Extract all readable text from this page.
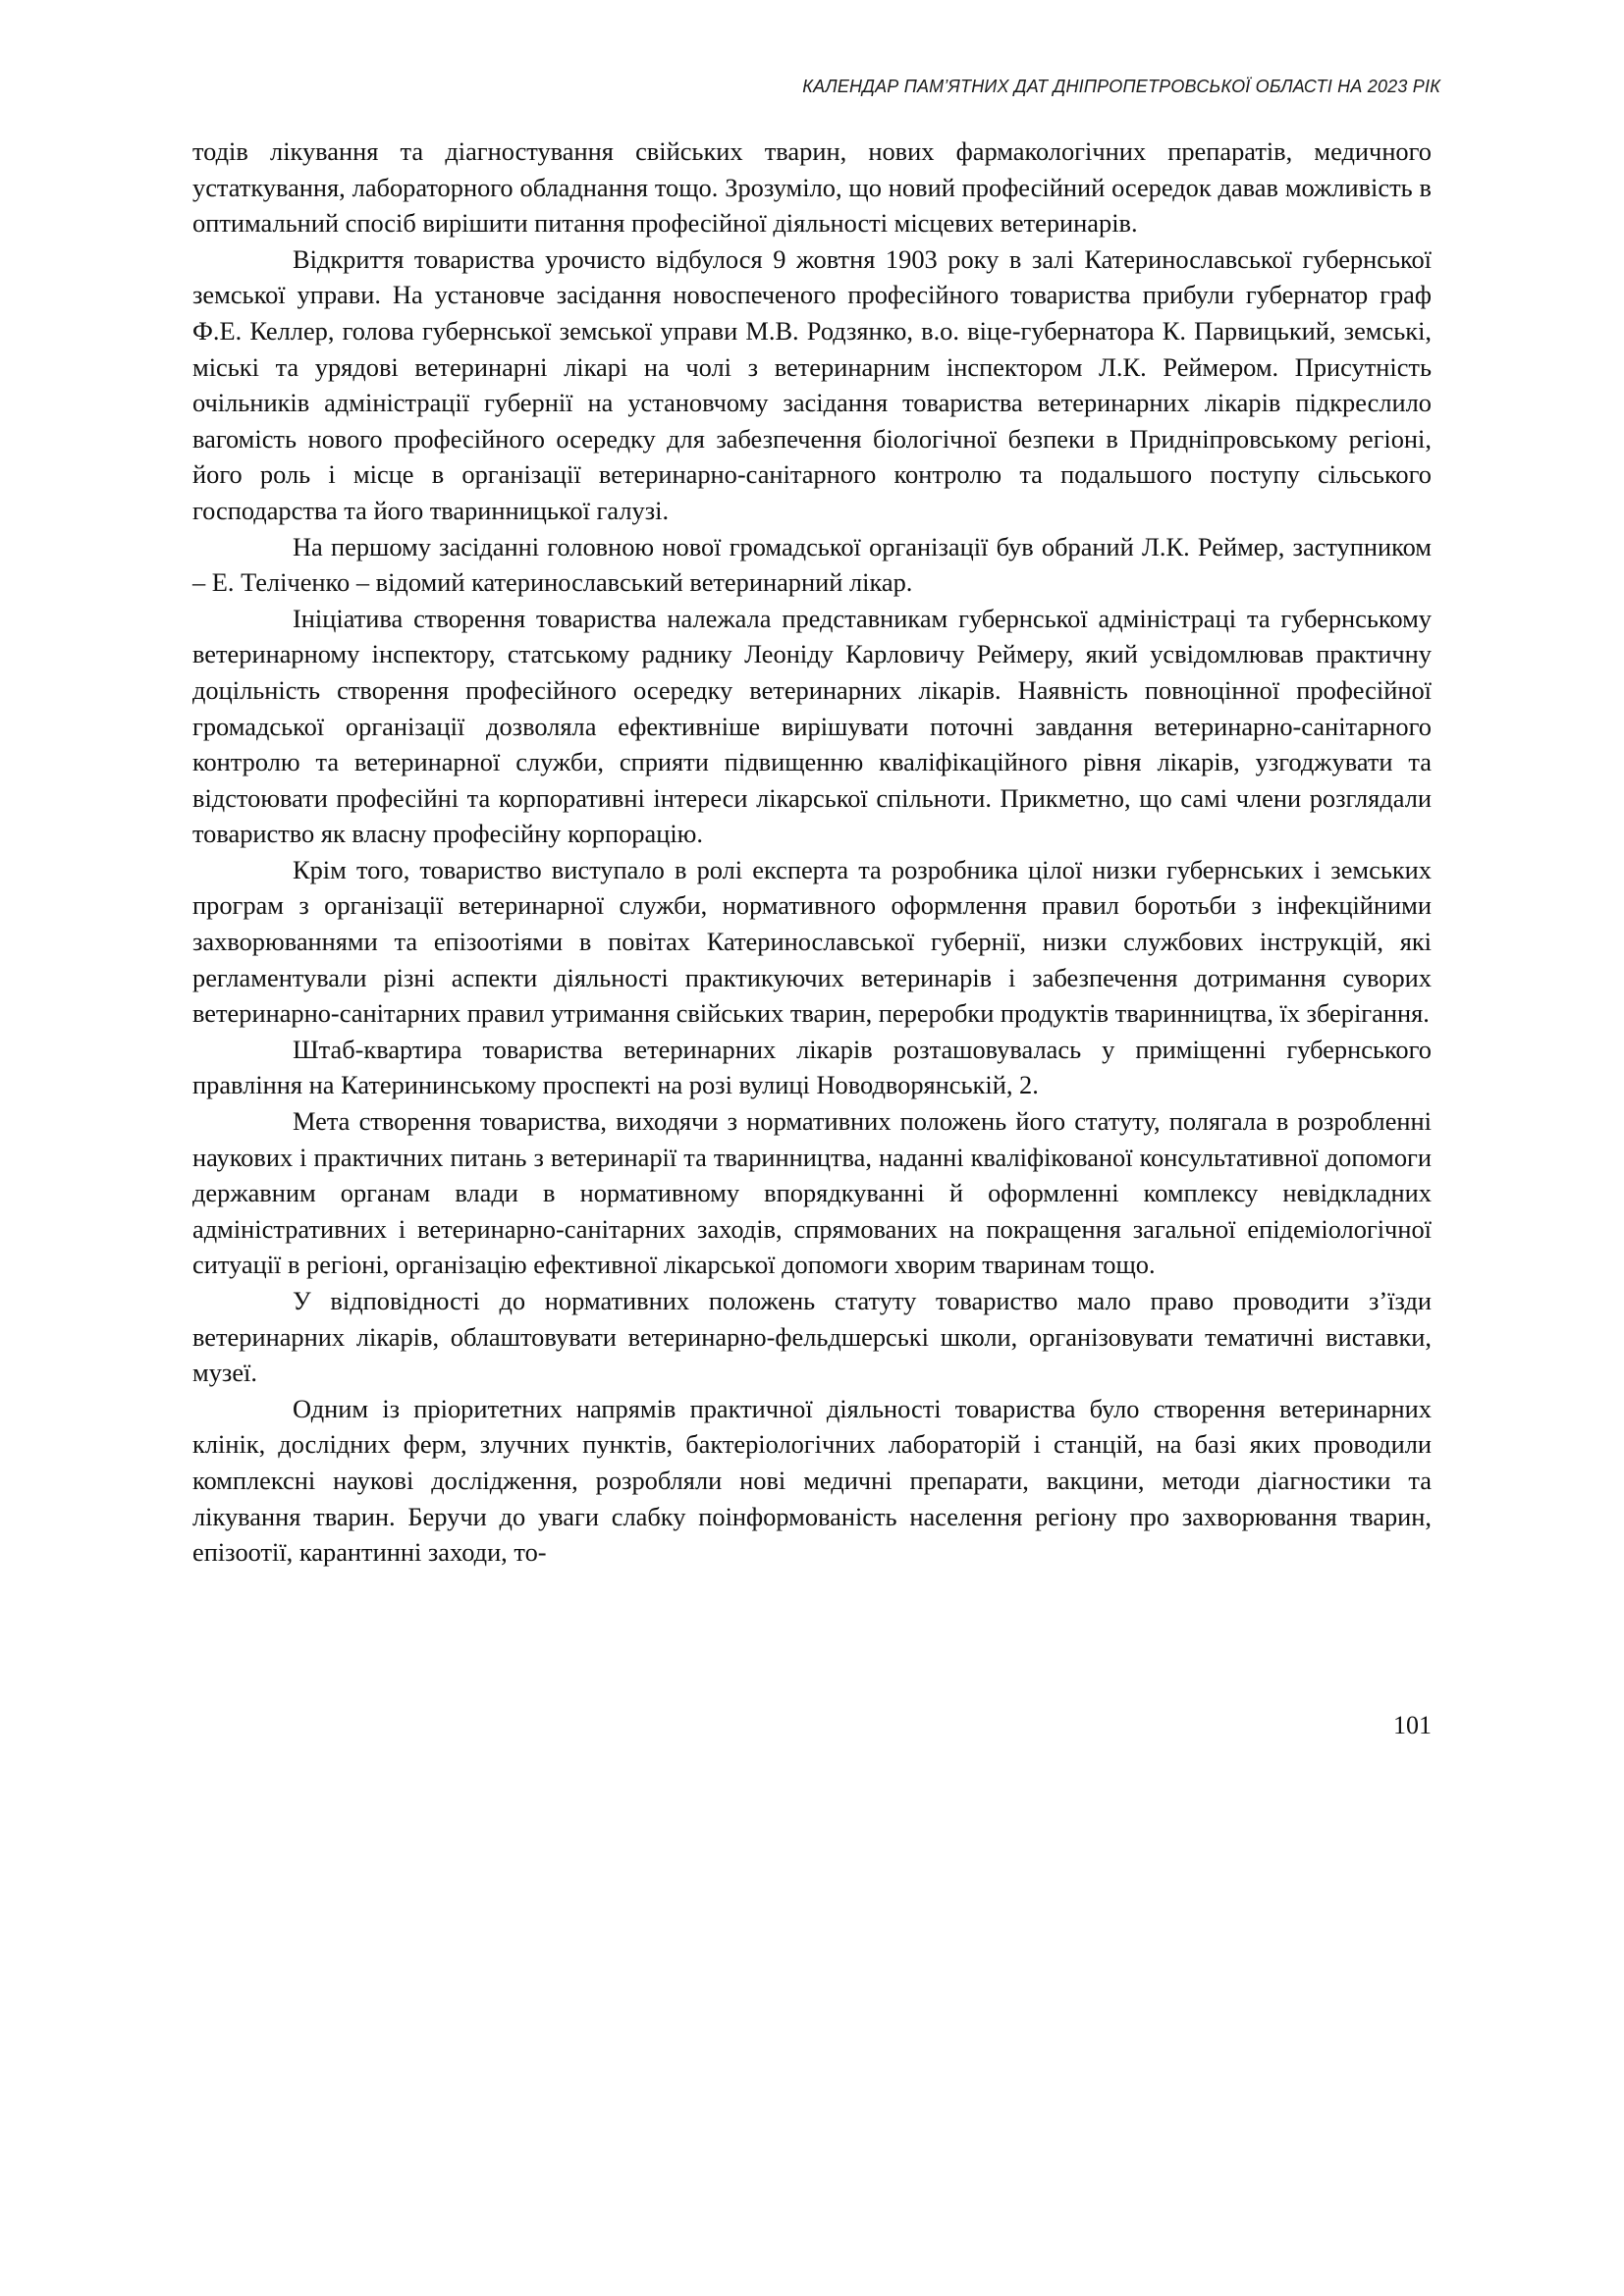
КАЛЕНДАР ПАМ’ЯТНИХ ДАТ ДНІПРОПЕТРОВСЬКОЇ ОБЛАСТІ НА 2023 РІК

тодів лікування та діагностування свійських тварин, нових фармакологічних препаратів, медичного устаткування, лабораторного обладнання тощо. Зрозуміло, що новий професійний осередок давав можливість в оптимальний спосіб вирішити питання професійної діяльності місцевих ветеринарів.

Відкриття товариства урочисто відбулося 9 жовтня 1903 року в залі Катеринославської губернської земської управи. На установче засідання новоспеченого професійного товариства прибули губернатор граф Ф.Е. Келлер, голова губернської земської управи М.В. Родзянко, в.о. віце-губернатора К. Парвицький, земські, міські та урядові ветеринарні лікарі на чолі з ветеринарним інспектором Л.К. Реймером. Присутність очільників адміністрації губернії на установчому засідання товариства ветеринарних лікарів підкреслило вагомість нового професійного осередку для забезпечення біологічної безпеки в Придніпровському регіоні, його роль і місце в організації ветеринарно-санітарного контролю та подальшого поступу сільського господарства та його тваринницької галузі.

На першому засіданні головною нової громадської організації був обраний Л.К. Реймер, заступником – Е. Теліченко – відомий катеринославський ветеринарний лікар.

Ініціатива створення товариства належала представникам губернської адміністраці та губернському ветеринарному інспектору, статському раднику Леоніду Карловичу Реймеру, який усвідомлював практичну доцільність створення професійного осередку ветеринарних лікарів. Наявність повноцінної професійної громадської організації дозволяла ефективніше вирішувати поточні завдання ветеринарно-санітарного контролю та ветеринарної служби, сприяти підвищенню кваліфікаційного рівня лікарів, узгоджувати та відстоювати професійні та корпоративні інтереси лікарської спільноти. Прикметно, що самі члени розглядали товариство як власну професійну корпорацію.

Крім того, товариство виступало в ролі експерта та розробника цілої низки губернських і земських програм з організації ветеринарної служби, нормативного оформлення правил боротьби з інфекційними захворюваннями та епізоотіями в повітах Катеринославської губернії, низки службових інструкцій, які регламентували різні аспекти діяльності практикуючих ветеринарів і забезпечення дотримання суворих ветеринарно-санітарних правил утримання свійських тварин, переробки продуктів тваринництва, їх зберігання.

Штаб-квартира товариства ветеринарних лікарів розташовувалась у приміщенні губернського правління на Катерининському проспекті на розі вулиці Новодворянській, 2.

Мета створення товариства, виходячи з нормативних положень його статуту, полягала в розробленні наукових і практичних питань з ветеринарії та тваринництва, наданні кваліфікованої консультативної допомоги державним органам влади в нормативному впорядкуванні й оформленні комплексу невідкладних адміністративних і ветеринарно-санітарних заходів, спрямованих на покращення загальної епідеміологічної ситуації в регіоні, організацію ефективної лікарської допомоги хворим тваринам тощо.

У відповідності до нормативних положень статуту товариство мало право проводити з’їзди ветеринарних лікарів, облаштовувати ветеринарно-фельдшерські школи, організовувати тематичні виставки, музеї.

Одним із пріоритетних напрямів практичної діяльності товариства було створення ветеринарних клінік, дослідних ферм, злучних пунктів, бактеріологічних лабораторій і станцій, на базі яких проводили комплексні наукові дослідження, розробляли нові медичні препарати, вакцини, методи діагностики та лікування тварин. Беручи до уваги слабку поінформованість населення регіону про захворювання тварин, епізоотії, карантинні заходи, то-

101
